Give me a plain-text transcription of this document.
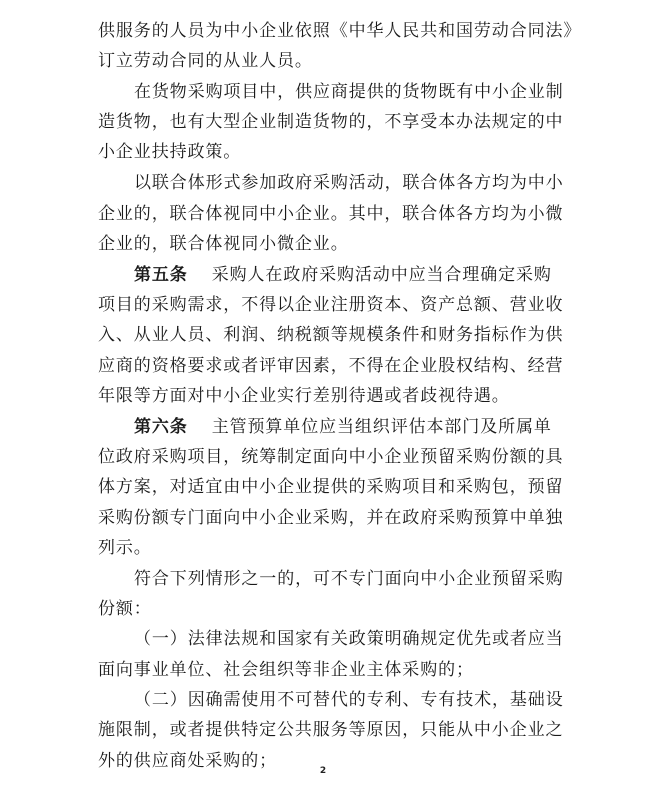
供服务的人员为中小企业依照《中华人民共和国劳动合同法》
订立劳动合同的从业人员。
在货物采购项目中，供应商提供的货物既有中小企业制
造货物，也有大型企业制造货物的，不享受本办法规定的中
小企业扶持政策。
以联合体形式参加政府采购活动，联合体各方均为中小
企业的，联合体视同中小企业。其中，联合体各方均为小微
企业的，联合体视同小微企业。
第五条 采购人在政府采购活动中应当合理确定采购
项目的采购需求，不得以企业注册资本、资产总额、营业收
入、从业人员、利润、纳税额等规模条件和财务指标作为供
应商的资格要求或者评审因素，不得在企业股权结构、经营
年限等方面对中小企业实行差别待遇或者歧视待遇。
第六条 主管预算单位应当组织评估本部门及所属单
位政府采购项目，统筹制定面向中小企业预留采购份额的具
体方案，对适宜由中小企业提供的采购项目和采购包，预留
采购份额专门面向中小企业采购，并在政府采购预算中单独
列示。
符合下列情形之一的，可不专门面向中小企业预留采购
份额：
（一）法律法规和国家有关政策明确规定优先或者应当
面向事业单位、社会组织等非企业主体采购的；
（二）因确需使用不可替代的专利、专有技术，基础设
施限制，或者提供特定公共服务等原因，只能从中小企业之
外的供应商处采购的；	2
